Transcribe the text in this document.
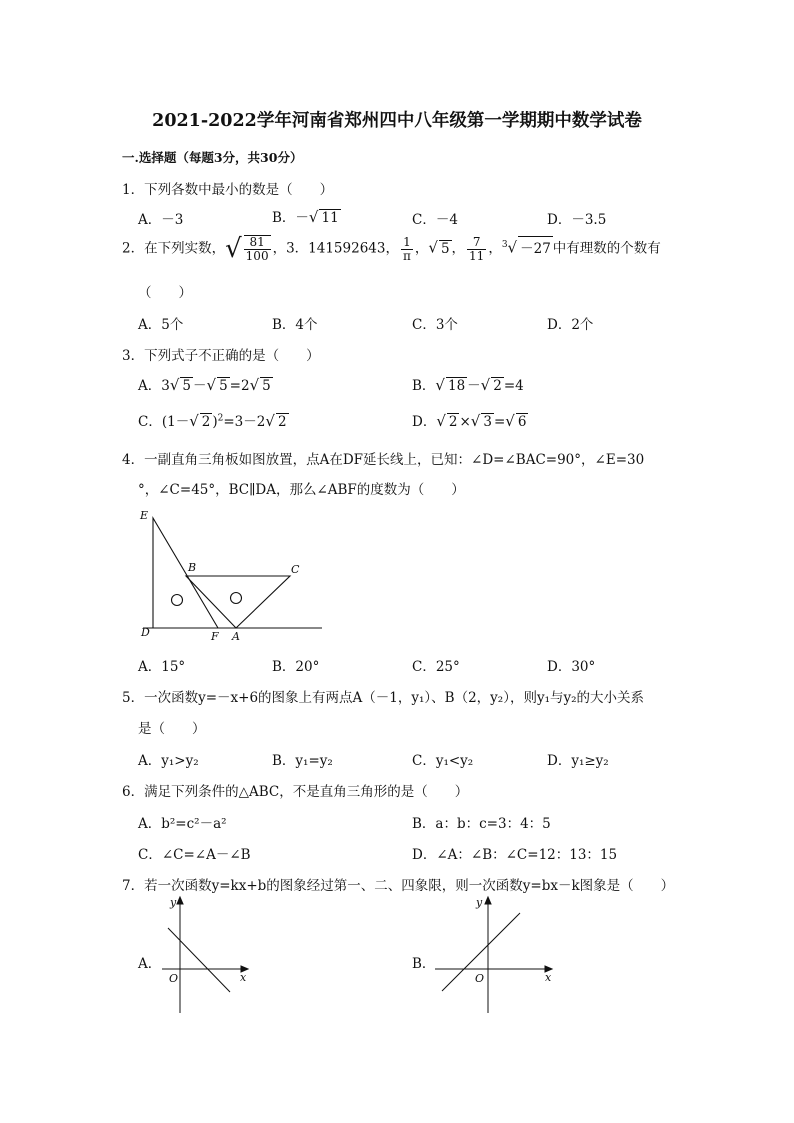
2021-2022学年河南省郑州四中八年级第一学期期中数学试卷
一.选择题（每题3分，共30分）
1．下列各数中最小的数是（　　）
A．－3	B．－√ 11	C．－4	D．－3.5
2．在下列实数，√ $\frac{81}{100}$ ，3．141592643， $\frac{1}{\pi}$ ，√ 5 ， $\frac{7}{11}$ ，$^3$√ －27 中有理数的个数有
（　　）
A．5个	B．4个	C．3个	D．2个
3．下列式子不正确的是（　　）
A．3√ 5 －√ 5 =2√ 5	B．√ 18 －√ 2 =4
C．(1－√ 2 )$^2$=3－2√ 2	D．√ 2 ×√ 3 =√ 6
4．一副直角三角板如图放置，点A在DF延长线上，已知：∠D=∠BAC=90°，∠E=30
°，∠C=45°，BC∥DA，那么∠ABF的度数为（　　）
E
B	C
D	F A
A．15°	B．20°	C．25°	D．30°
5．一次函数y=－x+6的图象上有两点A（－1，y₁）、B（2，y₂），则y₁与y₂的大小关系
是（　　）
A．y₁>y₂	B．y₁=y₂	C．y₁<y₂	D．y₁≥y₂
6．满足下列条件的△ABC，不是直角三角形的是（　　）
A．b²=c²－a²	B．a：b：c=3：4：5
C．∠C=∠A－∠B	D．∠A：∠B：∠C=12：13：15
7．若一次函数y=kx+b的图象经过第一、二、四象限，则一次函数y=bx－k图象是（　　）
A．
y
x
O
B．
y
x
O
